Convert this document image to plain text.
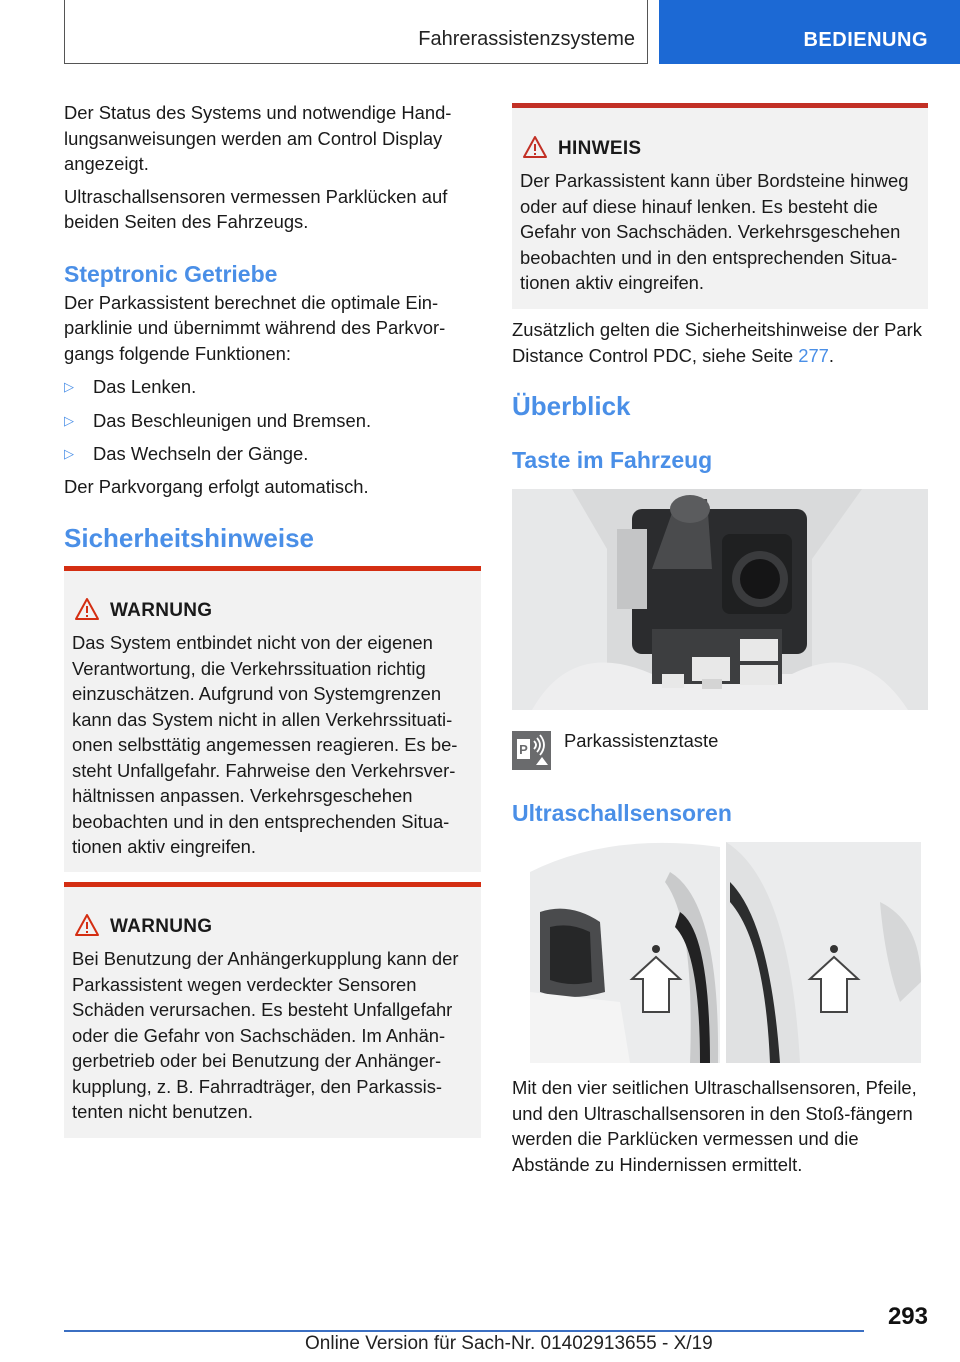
Fahrerassistenzsysteme	BEDIENUNG

Der Status des Systems und notwendige Hand‐lungsanweisungen werden am Control Display angezeigt.

Ultraschallsensoren vermessen Parklücken auf beiden Seiten des Fahrzeugs.

Steptronic Getriebe

Der Parkassistent berechnet die optimale Ein‐parklinie und übernimmt während des Parkvor‐gangs folgende Funktionen:

▷ Das Lenken.
▷ Das Beschleunigen und Bremsen.
▷ Das Wechseln der Gänge.

Der Parkvorgang erfolgt automatisch.

Sicherheitshinweise
WARNUNG

Das System entbindet nicht von der eigenen Verantwortung, die Verkehrssituation richtig einzuschätzen. Aufgrund von Systemgrenzen kann das System nicht in allen Verkehrssituati‐onen selbsttätig angemessen reagieren. Es be‐steht Unfallgefahr. Fahrweise den Verkehrsver‐hältnissen anpassen. Verkehrsgeschehen beobachten und in den entsprechenden Situa‐tionen aktiv eingreifen.

WARNUNG

Bei Benutzung der Anhängerkupplung kann der Parkassistent wegen verdeckter Sensoren Schäden verursachen. Es besteht Unfallgefahr oder die Gefahr von Sachschäden. Im Anhän‐gerbetrieb oder bei Benutzung der Anhänger‐kupplung, z. B. Fahrradträger, den Parkassis‐tenten nicht benutzen.

HINWEIS

Der Parkassistent kann über Bordsteine hinweg oder auf diese hinauf lenken. Es besteht die Gefahr von Sachschäden. Verkehrsgeschehen beobachten und in den entsprechenden Situa‐tionen aktiv eingreifen.

Zusätzlich gelten die Sicherheitshinweise der Park Distance Control PDC, siehe Seite 277.

Überblick
Taste im Fahrzeug
P Parkassistenztaste

Ultraschallsensoren

Mit den vier seitlichen Ultraschallsensoren, Pfeile, und den Ultraschallsensoren in den Stoß‐fängern werden die Parklücken vermessen und die Abstände zu Hindernissen ermittelt.

293
Online Version für Sach-Nr. 01402913655 - X/19
